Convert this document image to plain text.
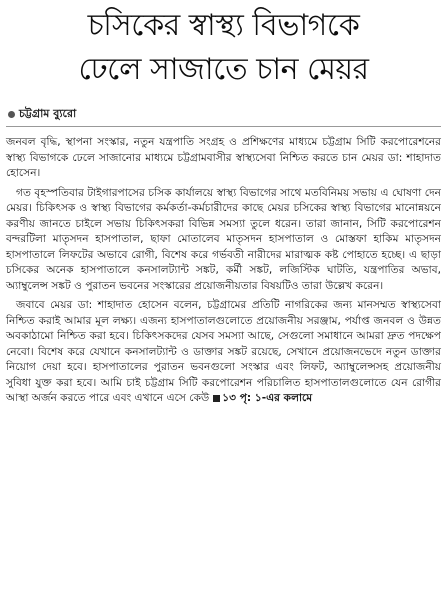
চসিকের স্বাস্থ্য বিভাগকে
ঢেলে সাজাতে চান মেয়র
চট্টগ্রাম ব্যুরো

জনবল বৃদ্ধি, স্থাপনা সংস্কার, নতুন যন্ত্রপাতি সংগ্রহ ও প্রশিক্ষণের মাধ্যমে চট্টগ্রাম সিটি করপোরেশনের স্বাস্থ্য বিভাগকে ঢেলে সাজানোর মাধ্যমে চট্টগ্রামবাসীর স্বাস্থ্যসেবা নিশ্চিত করতে চান মেয়র ডা: শাহাদাত হোসেন।

গত বৃহস্পতিবার টাইগারপাসের চসিক কার্যালয়ে স্বাস্থ্য বিভাগের সাথে মতবিনিময় সভায় এ ঘোষণা দেন মেয়র। চিকিৎসক ও স্বাস্থ্য বিভাগের কর্মকর্তা-কর্মচারীদের কাছে মেয়র চসিকের স্বাস্থ্য বিভাগের মানোন্নয়নে করণীয় জানতে চাইলে সভায় চিকিৎসকরা বিভিন্ন সমস্যা তুলে ধরেন। তারা জানান, সিটি করপোরেশন বন্দরটিলা মাতৃসদন হাসপাতাল, ছাফা মোতালেব মাতৃসদন হাসপাতাল ও মোস্তফা হাকিম মাতৃসদন হাসপাতালে লিফটের অভাবে রোগী, বিশেষ করে গর্ভবতী নারীদের মারাত্মক কষ্ট পোহাতে হচ্ছে। এ ছাড়া চসিকের অনেক হাসপাতালে কনসালট্যান্ট সঙ্কট, কর্মী সঙ্কট, লজিস্টিক ঘাটতি, যন্ত্রপাতির অভাব, অ্যাম্বুলেন্স সঙ্কট ও পুরাতন ভবনের সংস্কারের প্রয়োজনীয়তার বিষয়টিও তারা উল্লেখ করেন।

জবাবে মেয়র ডা: শাহাদাত হোসেন বলেন, চট্টগ্রামের প্রতিটি নাগরিকের জন্য মানসম্মত স্বাস্থ্যসেবা নিশ্চিত করাই আমার মূল লক্ষ্য। এজন্য হাসপাতালগুলোতে প্রয়োজনীয় সরঞ্জাম, পর্যাপ্ত জনবল ও উন্নত অবকাঠামো নিশ্চিত করা হবে। চিকিৎসকদের যেসব সমস্যা আছে, সেগুলো সমাধানে আমরা দ্রুত পদক্ষেপ নেবো। বিশেষ করে যেখানে কনসালট্যান্ট ও ডাক্তার সঙ্কট রয়েছে, সেখানে প্রয়োজনভেদে নতুন ডাক্তার নিয়োগ দেয়া হবে। হাসপাতালের পুরাতন ভবনগুলো সংস্কার এবং লিফট, অ্যাম্বুলেন্সসহ প্রয়োজনীয় সুবিধা যুক্ত করা হবে। আমি চাই চট্টগ্রাম সিটি করপোরেশন পরিচালিত হাসপাতালগুলোতে যেন রোগীর আস্থা অর্জন করতে পারে এবং এখানে এসে কেউ ১৩ পৃ: ১-এর কলামে
